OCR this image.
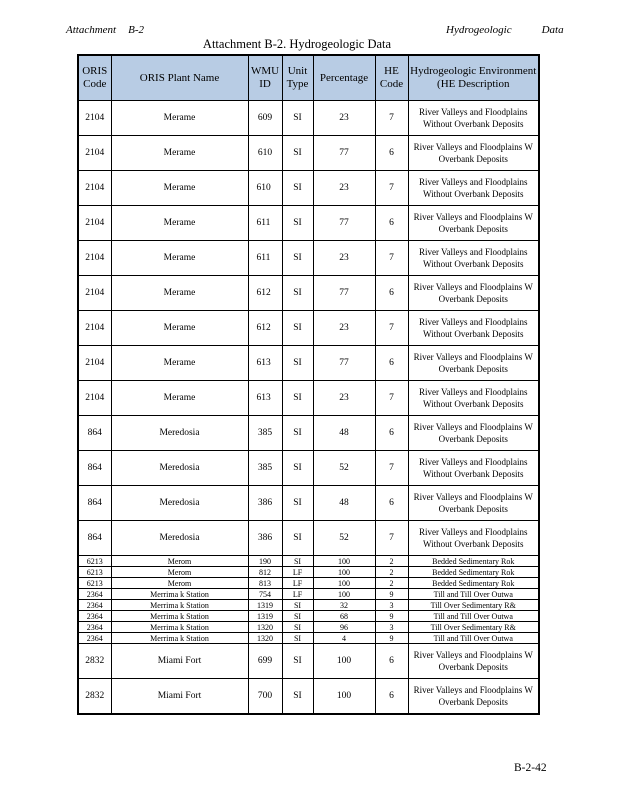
Attachment B-2	Hydrogeologic	Data
Attachment B-2. Hydrogeologic Data
ORIS Code	ORIS Plant Name	WMU ID	Unit Type	Percentage	HE Code	Hydrogeologic Environment (HE Description
2104	Merame	609	SI	23	7	River Valleys and Floodplains Without Overbank Deposits
2104	Merame	610	SI	77	6	River Valleys and Floodplains W Overbank Deposits
2104	Merame	610	SI	23	7	River Valleys and Floodplains Without Overbank Deposits
2104	Merame	611	SI	77	6	River Valleys and Floodplains W Overbank Deposits
2104	Merame	611	SI	23	7	River Valleys and Floodplains Without Overbank Deposits
2104	Merame	612	SI	77	6	River Valleys and Floodplains W Overbank Deposits
2104	Merame	612	SI	23	7	River Valleys and Floodplains Without Overbank Deposits
2104	Merame	613	SI	77	6	River Valleys and Floodplains W Overbank Deposits
2104	Merame	613	SI	23	7	River Valleys and Floodplains Without Overbank Deposits
864	Meredosia	385	SI	48	6	River Valleys and Floodplains W Overbank Deposits
864	Meredosia	385	SI	52	7	River Valleys and Floodplains Without Overbank Deposits
864	Meredosia	386	SI	48	6	River Valleys and Floodplains W Overbank Deposits
864	Meredosia	386	SI	52	7	River Valleys and Floodplains Without Overbank Deposits
6213	Merom	190	SI	100	2	Bedded Sedimentary Rok
6213	Merom	812	LF	100	2	Bedded Sedimentary Rok
6213	Merom	813	LF	100	2	Bedded Sedimentary Rok
2364	Merrima k Station	754	LF	100	9	Till and Till Over Outwa
2364	Merrima k Station	1319	SI	32	3	Till Over Sedimentary R&
2364	Merrima k Station	1319	SI	68	9	Till and Till Over Outwa
2364	Merrima k Station	1320	SI	96	3	Till Over Sedimentary R&
2364	Merrima k Station	1320	SI	4	9	Till and Till Over Outwa
2832	Miami Fort	699	SI	100	6	River Valleys and Floodplains W Overbank Deposits
2832	Miami Fort	700	SI	100	6	River Valleys and Floodplains W Overbank Deposits
B-2-42
